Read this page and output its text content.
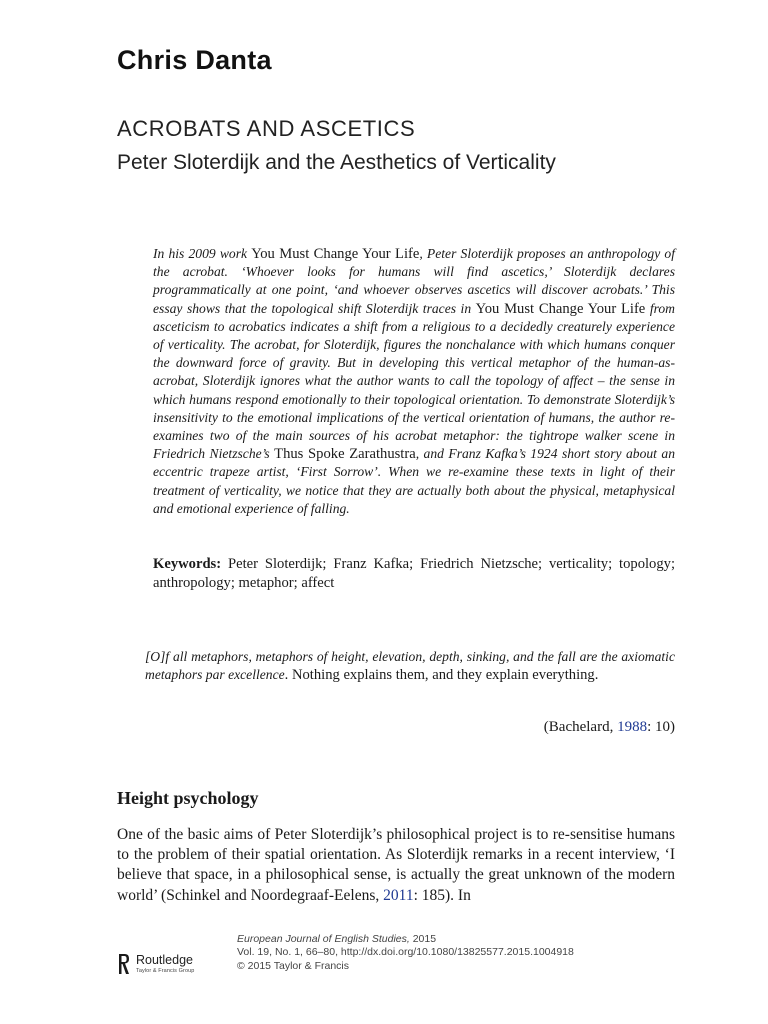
Chris Danta
ACROBATS AND ASCETICS
Peter Sloterdijk and the Aesthetics of Verticality
In his 2009 work You Must Change Your Life, Peter Sloterdijk proposes an anthropology of the acrobat. ‘Whoever looks for humans will find ascetics,’ Sloterdijk declares programmatically at one point, ‘and whoever observes ascetics will discover acrobats.’ This essay shows that the topological shift Sloterdijk traces in You Must Change Your Life from asceticism to acrobatics indicates a shift from a religious to a decidedly creaturely experience of verticality. The acrobat, for Sloterdijk, figures the nonchalance with which humans conquer the downward force of gravity. But in developing this vertical metaphor of the human-as-acrobat, Sloterdijk ignores what the author wants to call the topology of affect – the sense in which humans respond emotionally to their topological orientation. To demonstrate Sloterdijk’s insensitivity to the emotional implications of the vertical orientation of humans, the author re-examines two of the main sources of his acrobat metaphor: the tightrope walker scene in Friedrich Nietzsche’s Thus Spoke Zarathustra, and Franz Kafka’s 1924 short story about an eccentric trapeze artist, ‘First Sorrow’. When we re-examine these texts in light of their treatment of verticality, we notice that they are actually both about the physical, metaphysical and emotional experience of falling.
Keywords: Peter Sloterdijk; Franz Kafka; Friedrich Nietzsche; verticality; topology; anthropology; metaphor; affect
[O]f all metaphors, metaphors of height, elevation, depth, sinking, and the fall are the axiomatic metaphors par excellence. Nothing explains them, and they explain everything.
(Bachelard, 1988: 10)
Height psychology
One of the basic aims of Peter Sloterdijk’s philosophical project is to re-sensitise humans to the problem of their spatial orientation. As Sloterdijk remarks in a recent interview, ‘I believe that space, in a philosophical sense, is actually the great unknown of the modern world’ (Schinkel and Noordegraaf-Eelens, 2011: 185). In
Routledge
Taylor & Francis Group
European Journal of English Studies, 2015
Vol. 19, No. 1, 66–80, http://dx.doi.org/10.1080/13825577.2015.1004918
© 2015 Taylor & Francis
